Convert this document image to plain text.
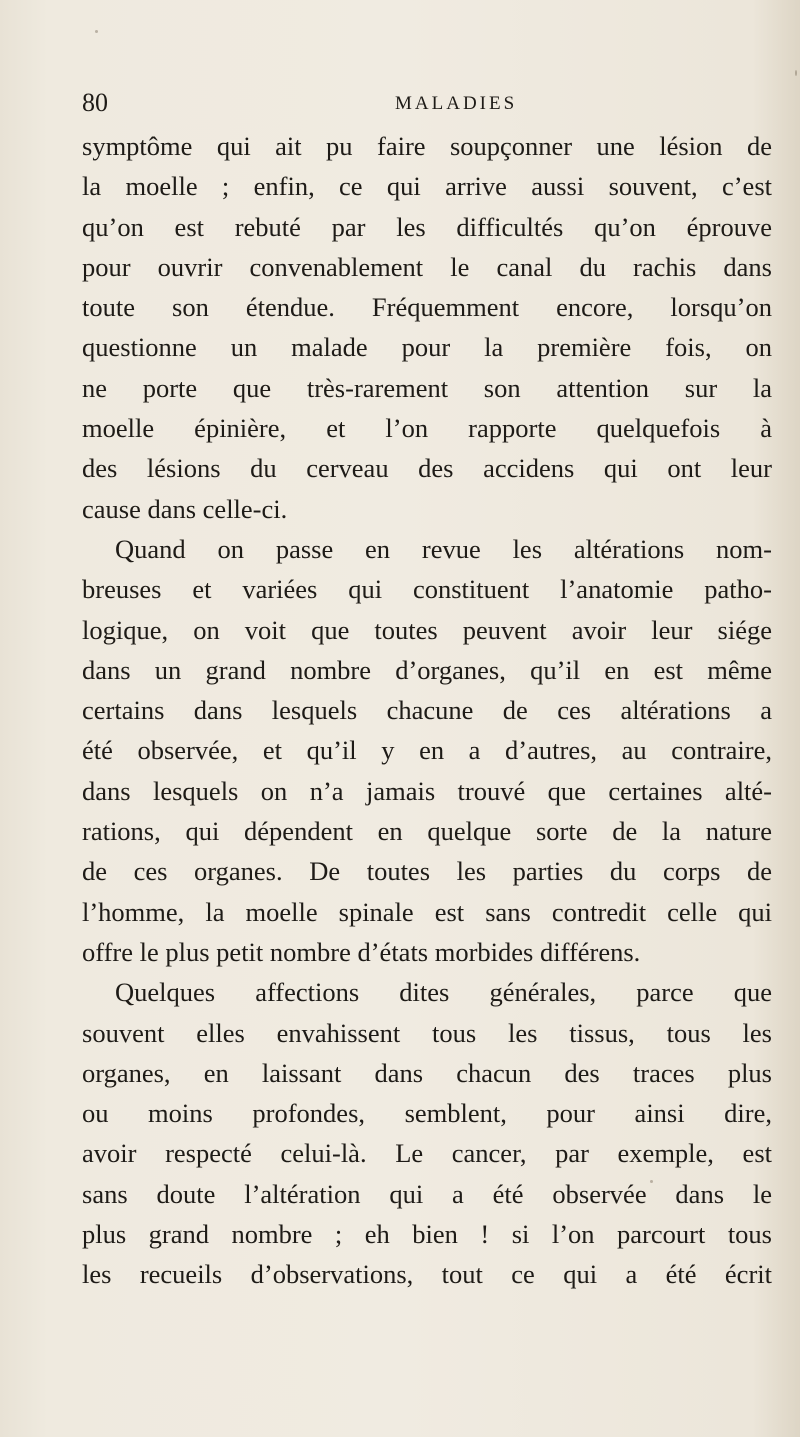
80	MALADIES
symptôme qui ait pu faire soupçonner une lésion de
la moelle ; enfin, ce qui arrive aussi souvent, c’est
qu’on est rebuté par les difficultés qu’on éprouve
pour ouvrir convenablement le canal du rachis dans
toute son étendue. Fréquemment encore, lorsqu’on
questionne un malade pour la première fois, on
ne porte que très-rarement son attention sur la
moelle épinière, et l’on rapporte quelquefois à
des lésions du cerveau des accidens qui ont leur
cause dans celle-ci.
Quand on passe en revue les altérations nom-
breuses et variées qui constituent l’anatomie patho-
logique, on voit que toutes peuvent avoir leur siége
dans un grand nombre d’organes, qu’il en est même
certains dans lesquels chacune de ces altérations a
été observée, et qu’il y en a d’autres, au contraire,
dans lesquels on n’a jamais trouvé que certaines alté-
rations, qui dépendent en quelque sorte de la nature
de ces organes. De toutes les parties du corps de
l’homme, la moelle spinale est sans contredit celle qui
offre le plus petit nombre d’états morbides différens.
Quelques affections dites générales, parce que
souvent elles envahissent tous les tissus, tous les
organes, en laissant dans chacun des traces plus
ou moins profondes, semblent, pour ainsi dire,
avoir respecté celui-là. Le cancer, par exemple, est
sans doute l’altération qui a été observée dans le
plus grand nombre ; eh bien ! si l’on parcourt tous
les recueils d’observations, tout ce qui a été écrit
